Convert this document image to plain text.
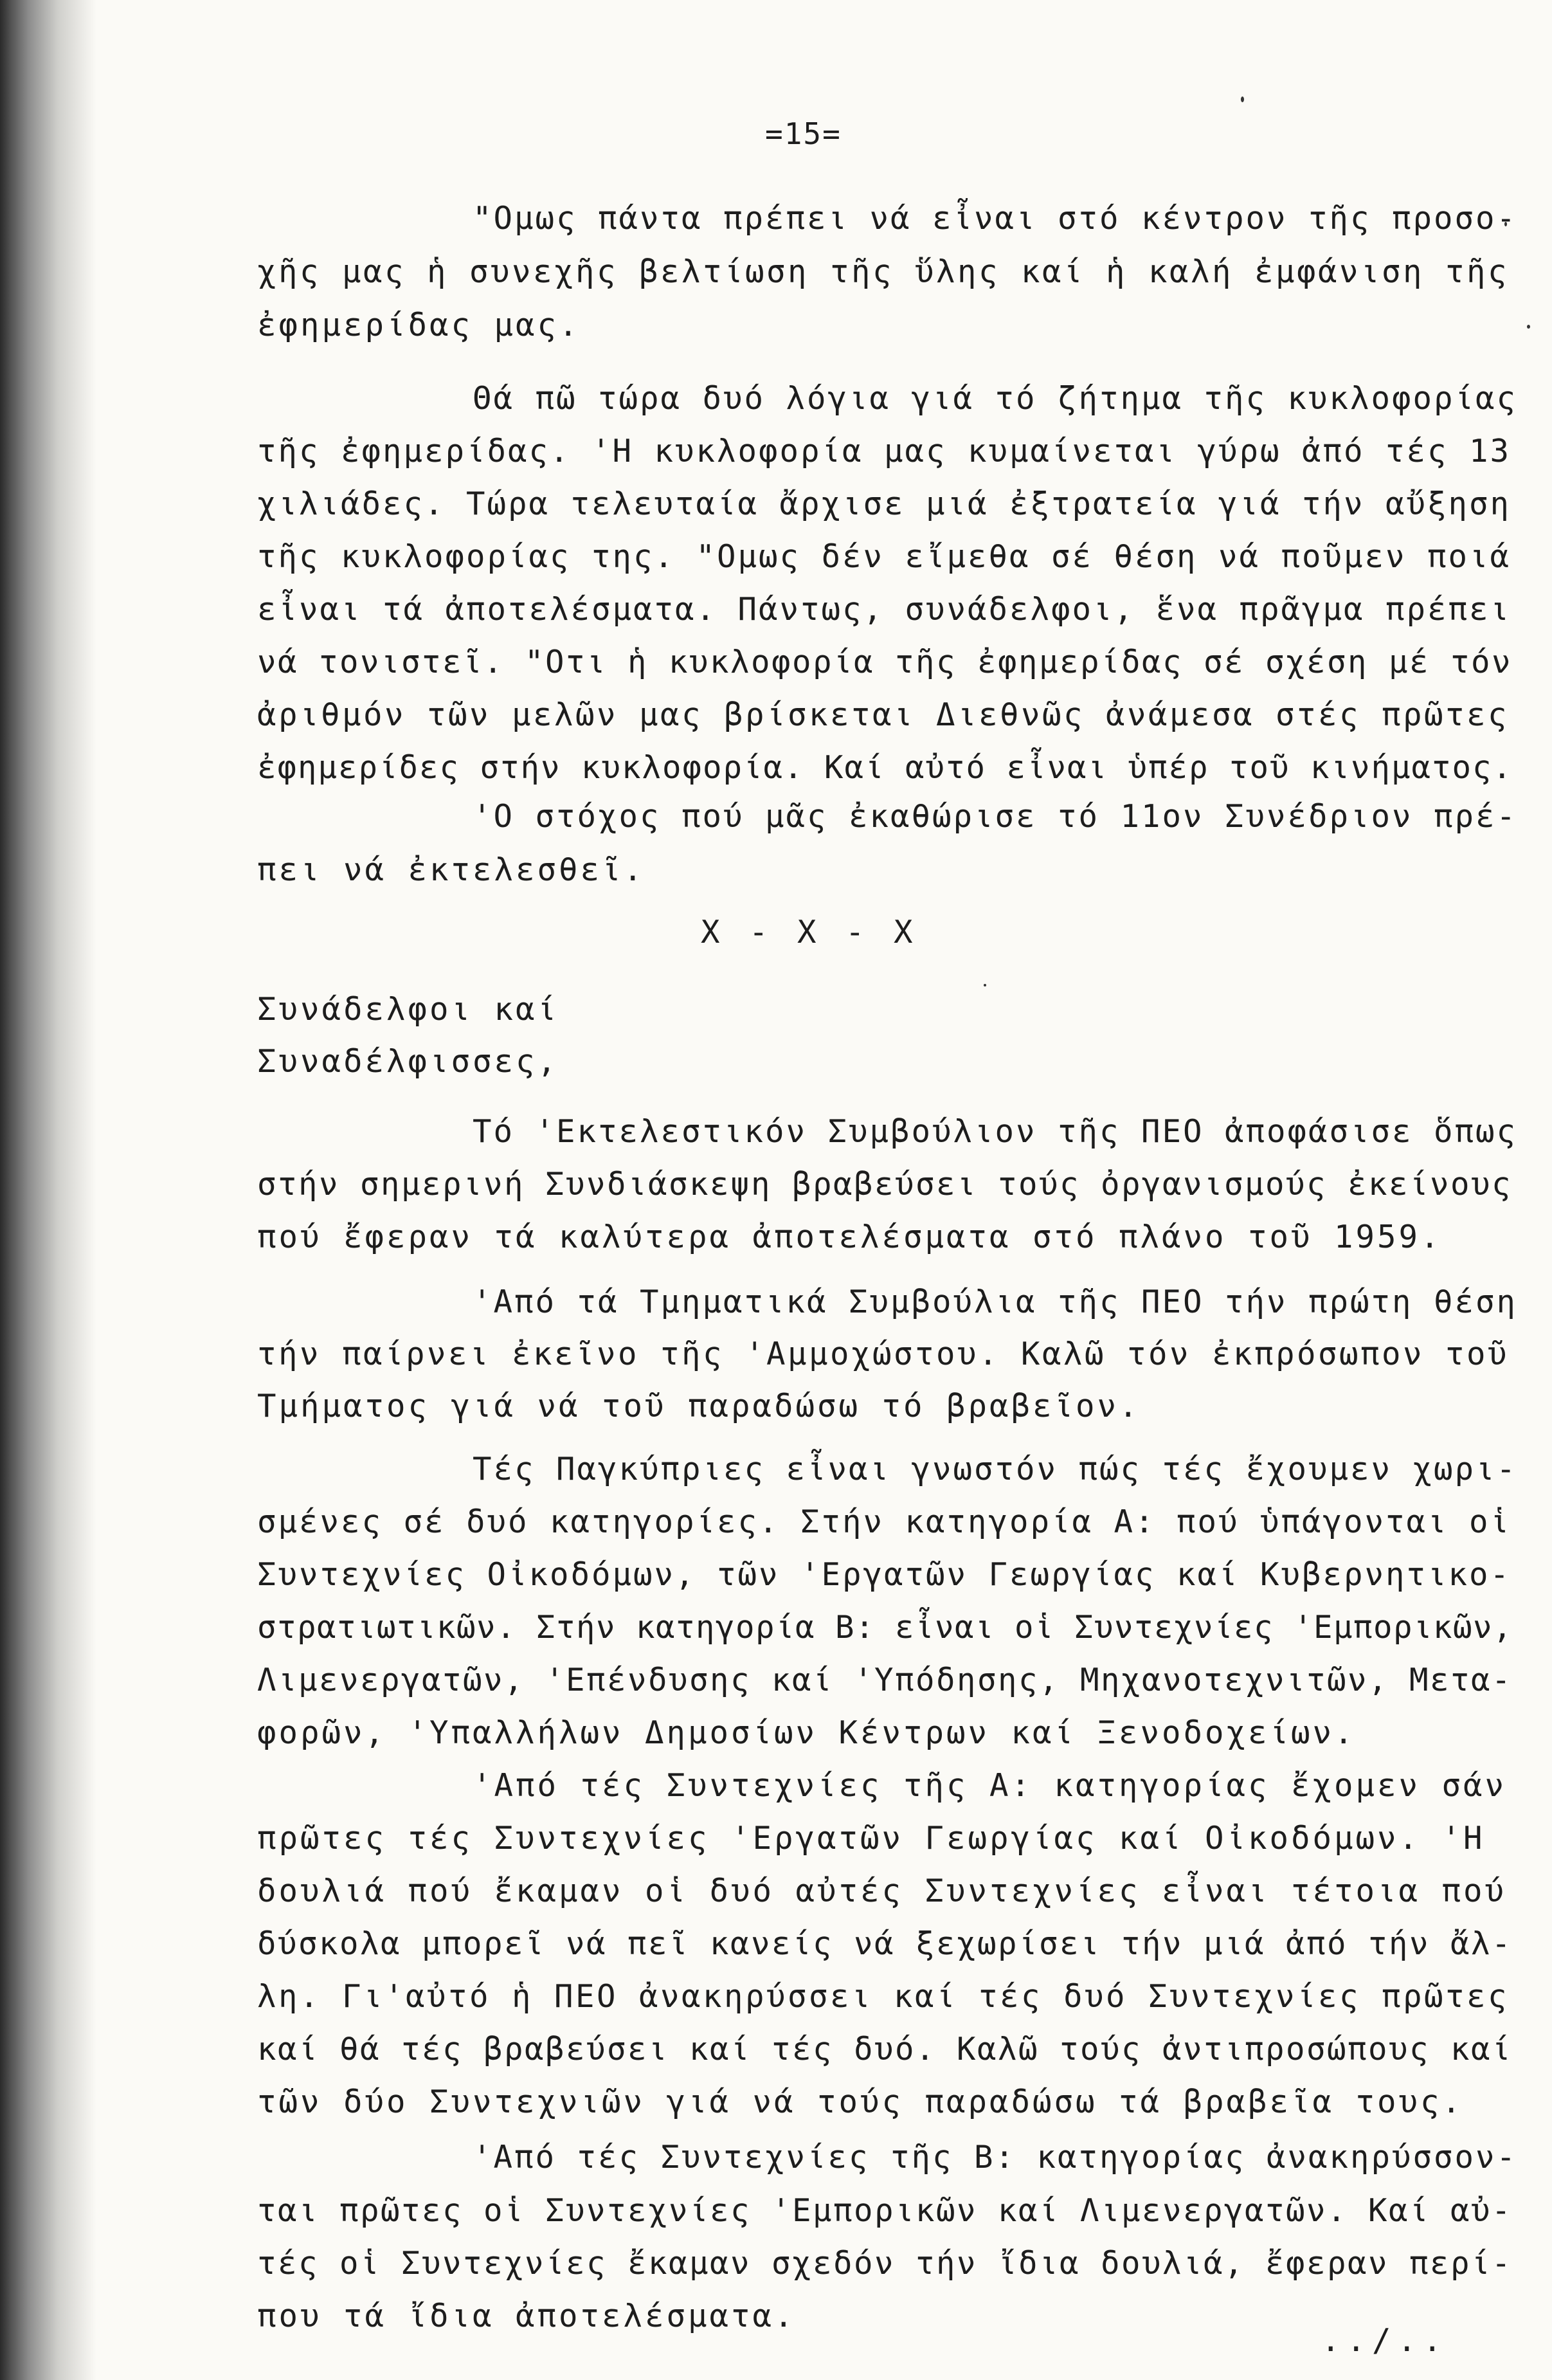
=15=
"Ομως πάντα πρέπει νά εἶναι στό κέντρον τῆς προσο-
χῆς μας ἡ συνεχῆς βελτίωση τῆς ὕλης καί ἡ καλή ἐμφάνιση τῆς
ἐφημερίδας μας.
Θά πῶ τώρα δυό λόγια γιά τό ζήτημα τῆς κυκλοφορίας
τῆς ἐφημερίδας. 'Η κυκλοφορία μας κυμαίνεται γύρω ἀπό τές 13
χιλιάδες. Τώρα τελευταία ἄρχισε μιά ἐξτρατεία γιά τήν αὔξηση
τῆς κυκλοφορίας της. "Ομως δέν εἴμεθα σέ θέση νά ποῦμεν ποιά
εἶναι τά ἀποτελέσματα. Πάντως, συνάδελφοι, ἕνα πρᾶγμα πρέπει
νά τονιστεῖ. "Οτι ἡ κυκλοφορία τῆς ἐφημερίδας σέ σχέση μέ τόν
ἀριθμόν τῶν μελῶν μας βρίσκεται Διεθνῶς ἀνάμεσα στές πρῶτες
ἐφημερίδες στήν κυκλοφορία. Καί αὐτό εἶναι ὑπέρ τοῦ κινήματος.
'Ο στόχος πού μᾶς ἐκαθώρισε τό 11ον Συνέδριον πρέ-
πει νά ἐκτελεσθεῖ.
Χ - Χ - Χ
Συνάδελφοι καί
Συναδέλφισσες,
Τό 'Εκτελεστικόν Συμβούλιον τῆς ΠΕΟ ἀποφάσισε ὅπως
στήν σημερινή Συνδιάσκεψη βραβεύσει τούς ὀργανισμούς ἐκείνους
πού ἔφεραν τά καλύτερα ἀποτελέσματα στό πλάνο τοῦ 1959.
'Από τά Τμηματικά Συμβούλια τῆς ΠΕΟ τήν πρώτη θέση
τήν παίρνει ἐκεῖνο τῆς 'Αμμοχώστου. Καλῶ τόν ἐκπρόσωπον τοῦ
Τμήματος γιά νά τοῦ παραδώσω τό βραβεῖον.
Τές Παγκύπριες εἶναι γνωστόν πώς τές ἔχουμεν χωρι-
σμένες σέ δυό κατηγορίες. Στήν κατηγορία Α: πού ὑπάγονται οἱ
Συντεχνίες Οἰκοδόμων, τῶν 'Εργατῶν Γεωργίας καί Κυβερνητικο-
στρατιωτικῶν. Στήν κατηγορία Β: εἶναι οἱ Συντεχνίες 'Εμπορικῶν,
Λιμενεργατῶν, 'Επένδυσης καί 'Υπόδησης, Μηχανοτεχνιτῶν, Μετα-
φορῶν, 'Υπαλλήλων Δημοσίων Κέντρων καί Ξενοδοχείων.
'Από τές Συντεχνίες τῆς Α: κατηγορίας ἔχομεν σάν
πρῶτες τές Συντεχνίες 'Εργατῶν Γεωργίας καί Οἰκοδόμων. 'Η
δουλιά πού ἔκαμαν οἱ δυό αὐτές Συντεχνίες εἶναι τέτοια πού
δύσκολα μπορεῖ νά πεῖ κανείς νά ξεχωρίσει τήν μιά ἀπό τήν ἄλ-
λη. Γι'αὐτό ἡ ΠΕΟ ἀνακηρύσσει καί τές δυό Συντεχνίες πρῶτες
καί θά τές βραβεύσει καί τές δυό. Καλῶ τούς ἀντιπροσώπους καί
τῶν δύο Συντεχνιῶν γιά νά τούς παραδώσω τά βραβεῖα τους.
'Από τές Συντεχνίες τῆς Β: κατηγορίας ἀνακηρύσσον-
ται πρῶτες οἱ Συντεχνίες 'Εμπορικῶν καί Λιμενεργατῶν. Καί αὐ-
τές οἱ Συντεχνίες ἔκαμαν σχεδόν τήν ἴδια δουλιά, ἔφεραν περί-
που τά ἴδια ἀποτελέσματα.
../..
